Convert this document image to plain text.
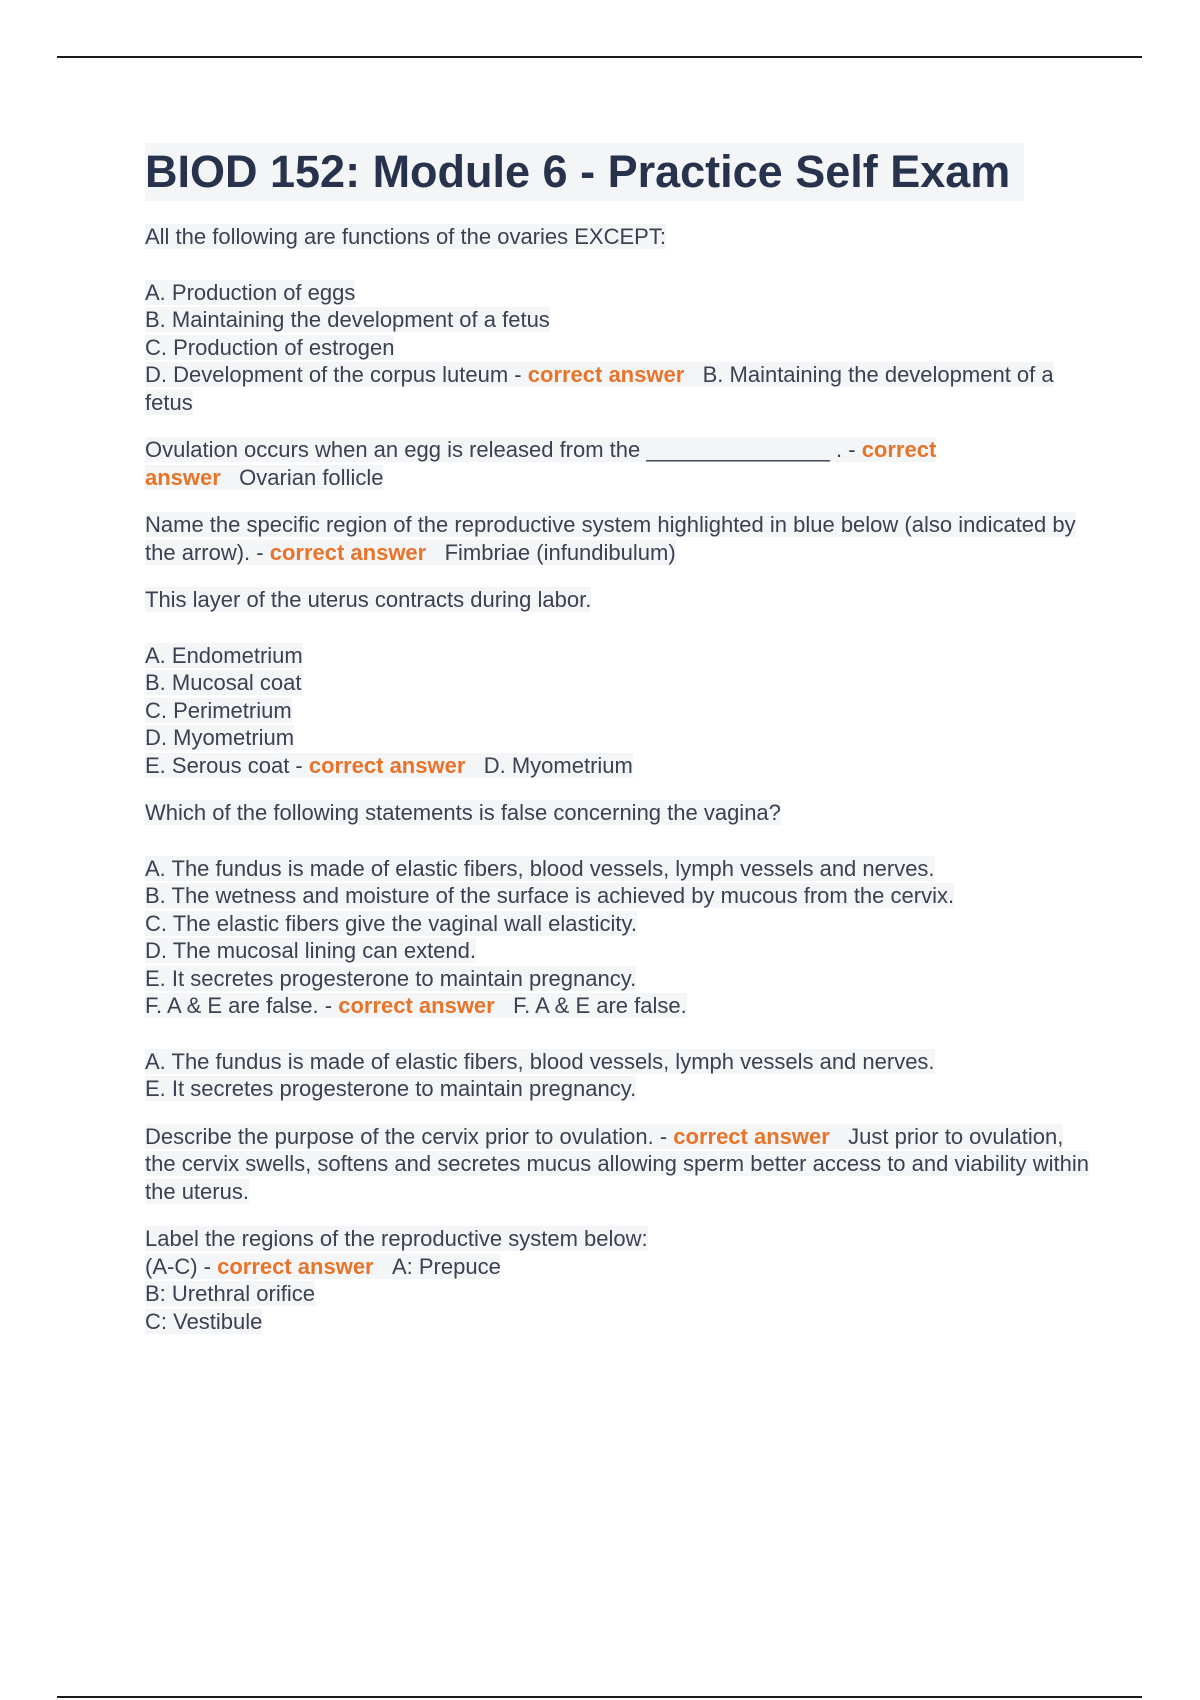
BIOD 152: Module 6 - Practice Self Exam
All the following are functions of the ovaries EXCEPT:
A. Production of eggs
B. Maintaining the development of a fetus
C. Production of estrogen
D. Development of the corpus luteum - correct answer B. Maintaining the development of a fetus
Ovulation occurs when an egg is released from the _______________ . - correct answer Ovarian follicle
Name the specific region of the reproductive system highlighted in blue below (also indicated by the arrow). - correct answer Fimbriae (infundibulum)
This layer of the uterus contracts during labor.
A. Endometrium
B. Mucosal coat
C. Perimetrium
D. Myometrium
E. Serous coat - correct answer D. Myometrium
Which of the following statements is false concerning the vagina?
A. The fundus is made of elastic fibers, blood vessels, lymph vessels and nerves.
B. The wetness and moisture of the surface is achieved by mucous from the cervix.
C. The elastic fibers give the vaginal wall elasticity.
D. The mucosal lining can extend.
E. It secretes progesterone to maintain pregnancy.
F. A & E are false. - correct answer F. A & E are false.
A. The fundus is made of elastic fibers, blood vessels, lymph vessels and nerves.
E. It secretes progesterone to maintain pregnancy.
Describe the purpose of the cervix prior to ovulation. - correct answer Just prior to ovulation, the cervix swells, softens and secretes mucus allowing sperm better access to and viability within the uterus.
Label the regions of the reproductive system below:
(A-C) - correct answer A: Prepuce
B: Urethral orifice
C: Vestibule
